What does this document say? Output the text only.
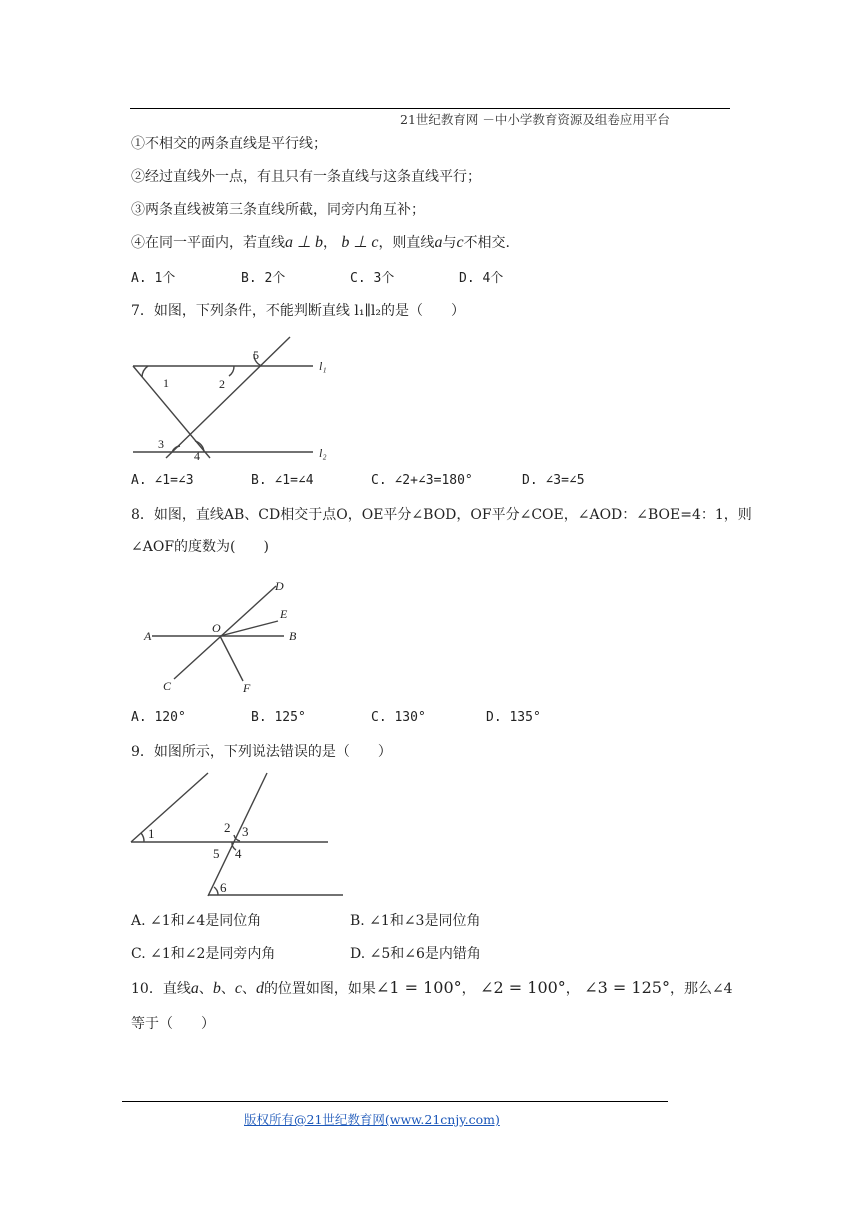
21世纪教育网 －中小学教育资源及组卷应用平台
①不相交的两条直线是平行线；
②经过直线外一点，有且只有一条直线与这条直线平行；
③两条直线被第三条直线所截，同旁内角互补；
④在同一平面内，若直线a ⊥ b， b ⊥ c，则直线a与c不相交.
A. 1个	B. 2个	C. 3个	D. 4个
7．如图，下列条件，不能判断直线 l₁∥l₂的是（　　）
1	2
3
4
5
l₁
l₂
A. ∠1=∠3	B. ∠1=∠4	C. ∠2+∠3=180°	D. ∠3=∠5
8．如图，直线AB、CD相交于点O，OE平分∠BOD，OF平分∠COE，∠AOD：∠BOE=4：1，则
∠AOF的度数为(　　)
A	B
C
D
E
F
O
A. 120°	B. 125°	C. 130°	D. 135°
9．如图所示，下列说法错误的是（　　）
1	2 3
4
5
6
A. ∠1和∠4是同位角	B. ∠1和∠3是同位角
C. ∠1和∠2是同旁内角	D. ∠5和∠6是内错角
10．直线a、b、c、d的位置如图，如果∠1 = 100°， ∠2 = 100°， ∠3 = 125°，那么∠4
等于（　　）
版权所有@21世纪教育网(www.21cnjy.com)
